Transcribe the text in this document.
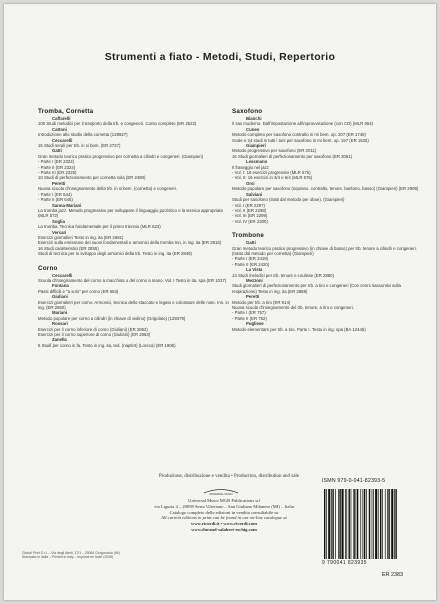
Strumenti a fiato - Metodi, Studi, Repertorio
Tromba, Cornetta
Caffarelli
100 Studi melodici per il trasporto della trb. e congeneri. Corso completo (ER 2522)
Cattoni
Introduzione allo studio della cornetta (128927)
Ceccarelli
15 Studi serali per trb. in si bem. (ER 2737)
Gatti
Gran metodo teorico pratico progressivo per cornetta a cilindri e congeneri. (Giampieri)
- Parte I (ER 2322)
- Parte II (ER 2324)
- Parte III (ER 2326)
10 Studi di perfezionamento per cornetta sola (ER 2480)
Peretti
Nuova scuola d'insegnamento della trb. in si bem. (cornetta) e congeneri.
- Parte I (ER 644)
- Parte II (ER 645)
Sanna-Mariani
La tromba jazz. Metodo progressivo per sviluppare il linguaggio jazzistico e la tecnica appropriata (MLR 572)
Soglia
La tromba. Tecnica fondamentale per il primo triennio (MLR 623)
Vercari
Esercizi giornalieri Testo in ing. ita (ER 2681)
Esercizi sulla emissione dei suoni fondamentali e armonici della tromba Inn. in ing. ita (ER 2916)
16 Studi caratteristici (ER 2855)
Studi di tecnica per lo sviluppo degli armonici della trb. Testo in ing. ita (ER 2849)
Corno
Ceccarelli
Scuola d'insegnamento del corno a macchina o del corno a mano. Vol. I Testo in ita. spa (ER 1037)
Fontana
Passi difficili e "a solo" per corno (ER 663)
Giuliani
Esercizi giornalieri per corno. Armonici, tecnica dello staccato e legato e colorature delle note. Inn. in ing. (ER 2860)
Mariani
Metodo popolare per corno a cilindri (in chiave di violino) (Grigolato) (129379)
Rossari
Esercizi per il corno inferiore di corno (Giuliani) (ER 2862)
Esercizi per il corno superiore di corno (Giuliani) (ER 2863)
Zanella
5 Studi per corno in fa. Testo in ing. ita, ted. (naptint) (Loreca) (ER 1908)
Saxofono
Bianchi
Il sax moderno. Dall'impostazione all'improvvisazione (con CD) (MLR 654)
Cuneo
Metodo completo per saxofono contralto in mi bem. op. 207 (ER 1746)
Scale e 24 studi in tutti i toni per saxofono in mi bem. op. 197 (ER 1525)
Giampieri
Metodo progressivo per saxofono (ER 2011)
16 Studi giornalieri di perfezionamento per saxofono (ER 3061)
Lessmann
Il fraseggio nel jazz
- Vol. I: 16 esercizi progressivi (MLR 575)
- Vol. II: 16 esercizi in 3/4 e 6/4 (MLR 576)
Orsi
Metodo popolare per saxofono (soprano, contralto, tenore, baritono, basso) (Giampieri) (ER 2908)
Salviani
Studi per saxofono (tratti dal metodo per oboe). (Giampieri)
- Vol. I (ER 2297)
- Vol. II (ER 2298)
- Vol. III (ER 2299)
- Vol. IV (ER 2300)
Trombone
Gatti
Gran metodo teorico pratico progressivo (in chiave di basso) per trb. tenore a cilindri e congeneri. (tratto dal metodo per cornetta) (Giampieri)
- Parte I (ER 2419)
- Parte II (ER 2420)
La Vista
13 Studi melodici per trb. tenore e coulisse (ER 2880)
Mezzoni
Studi giornalieri di perfezionamento per trb. a tiro e congeneri (Con cenni riassuntivi sulla respirazione) Testo in ing. ita (ER 2888)
Peretti
Metodo per trb. a tiro (ER 914)
Nuova scuola d'insegnamento del trb. tenore, a tiro e congeneri.
- Parte I (ER 757)
- Parte II (ER 752)
Pugliese
Metodo elementare per trb. a tiro. Parte I. Testo in ing. spa (BA 12446)
Produzione, distribuzione e vendita • Production, distribution and sale
UNIVERSAL MUSIC
Universal Music MGB Publications srl
via Liguria 4 – 20098 Sesto Ulteriano – San Giuliano Milanese (MI) – Italia
Catalogo completo delle edizioni in vendita consultabile su
All current editions in print can be found in our on-line catalogue at
www.ricordi.it • www.ricordi.com
www.durand-salabert-eschig.com
Global Print S.r.l. – Via degli Abeti, 17/1 – 20064 Gorgonzola (MI)
Stampato in Italia – Printed in Italy – Imprimé en Italie (2008)
ISMN 979-0-041-82393-5
9 790041 823935
ER 2383
